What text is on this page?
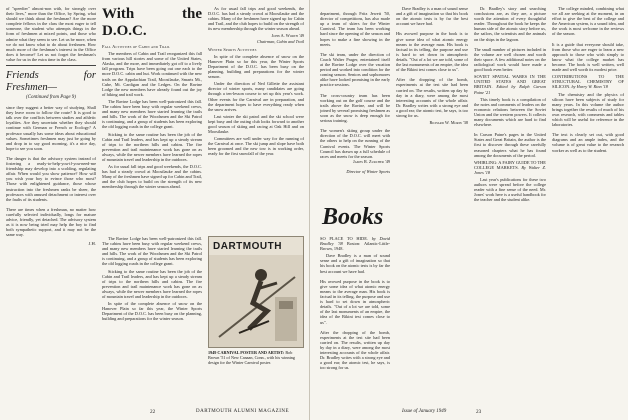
of "speedier" almost-non with, for strongly over their lives," more than the Office, by Spring, what should we think about the freshman? Are the more complete fellows in the class the most eager to tell someone, the student who attempts things in the form of freshmen at mixed points, and those who admire what they seem to see. Let us be more, when we do not know what to do about freshmen. How much more of the freshman's interest in the Office does it become? Let us not forget the freshman's value for us in the extra time in the class.

Friends for Freshmen—
(Continued from Page 9)

since they suggest a better way of studying. Shall they leave room to follow the route? It is good to talk over the conflicts between studies and athletic loyalties. Are they uncertain whether they should continue with German or French or Ecology? A professor usually has some ideas about educational values. Sometimes freshmen may just be going by and drop in to say good morning, it's a nice day, hope to see you soon.

The danger is that the advisory system instead of fostering a ready-to-help-you-if-you-need-me friendship may develop into a scolding, regulating affair. When would you show patience? How will you wish your boy to evince those who most? Those with enlightened guidance, those whose instruction into the freshmen ranks be sheer, the professors with amused detachment or interest over the faults of its students.

There are times when a freshman, no matter how carefully selected individually, longs for mature advice, friendly, yet detached. The advisory system as it is now being tried may help the boy to find both sympathetic support, and it may not be the same way.

J.H.
With the D.O.C.
Fall Activities of Cabin and Trail

The members of Cabin and Trail reorganized this fall from various hill stories and some of the United States, Alaska, and the more, and immediately got off to a lively fall program. Trips have been going out one each to the more D.O.C. cabin and hut. Work continued with the new trails on the Appalachian Trail, Moosilauke, Smarts Mt., Cube, Mt. Cardigan and the Ledges. On the Ravine Lodge the new members have already found out the joy of hiking and trail work.

The Ravine Lodge has been well-patronized this fall. The cabins have been busy with regular weekend crews, and many new members have started learning the trails and hills. The work of the Woodsmen and the Ski Patrol is continuing, and a group of students has been exploring the old logging roads in the college grant.

Sticking to the same routine has been the job of the Cabin and Trail leaders, and has kept up a steady stream of trips to the northern hills and cabins. The fire prevention and trail maintenance work has gone on as always, while the newer members have learned the ropes of mountain travel and leadership in the outdoors.

As for usual fall trips and good weekends, the D.O.C. has had a steady crowd at Moosilauke and the cabins. Many of the freshmen have signed up for Cabin and Trail, and the club hopes to build on the strength of its new membership through the winter season ahead.

As for usual fall trips and good weekends, the D.O.C. has had a steady crowd at Moosilauke and the cabins. Many of the freshmen have signed up for Cabin and Trail, and the club hopes to build on the strength of its new membership through the winter season ahead.

John A. Worth '49
Chairman, Cabin and Trail
Winter Sports Activities

In spite of the complete absence of snow on the Hanover Plain so far this year, the Winter Sports Department of the D.O.C. has been busy on the planning, building and preparations for the winter season.

Under the direction of Ned Gillette the assistant director of winter sports, many candidates are going through a ten-lesson course to set up this year's work. Other events for the Carnival are in preparation, and the department hopes to have everything ready when the snow arrives.

Last winter the ski patrol and the ski school were kept busy and the outing club looks forward to another good season of skiing and racing at Oak Hill and on Moosilauke.

Committees are well under way for the running of the Carnival at once. The ski jump and slope have both been groomed and the new tow is in working order, ready for the first snowfall of the year.

The Ravine Lodge has been well-patronized this fall. The cabins have been busy with regular weekend crews, and many new members have started learning the trails and hills. The work of the Woodsmen and the Ski Patrol is continuing, and a group of students has been exploring the old logging roads in the college grant.

Sticking to the same routine has been the job of the Cabin and Trail leaders, and has kept up a steady stream of trips to the northern hills and cabins. The fire prevention and trail maintenance work has gone on as always, while the newer members have learned the ropes of mountain travel and leadership in the outdoors.

In spite of the complete absence of snow on the Hanover Plain so far this year, the Winter Sports Department of the D.O.C. has been busy on the planning, building and preparations for the winter season.

DARTMOUTH
1949 CARNIVAL POSTER AND ARTIST: Bob Brown '51 of New Canaan, Conn., with his winning design for the Winter Carnival poster.
22	DARTMOUTH ALUMNI MAGAZINE

department, through Fritz Jewett '50, director of competitions, has also made up a team of skiers for the Winter Carnival. The team has been working hard since the opening of the season and hopes to make a fine showing in the meets.

The ski team, under the direction of Coach Walter Prager, entertained itself at the Ravine Lodge over the vacation period and worked into condition for the coming season. Seniors and sophomores alike have looked promising in the early practice sessions.

The cross-country team has been working out on the golf course and the trails above the Ravine, and will be joined by several promising freshmen as soon as the snow is deep enough for serious training.

The women's skiing group under the direction of the D.O.C. will meet with the others to help on the running of the Carnival events. The Winter Sports Council has drawn up a full schedule of races and meets for the season.

James R. Zurcher '49

Director of Winter Sports

Books

SO PLACE TO HIDE. by David Bradley '38 Boston: Atlantic-Little-Brown, 1948.

Dave Bradley is a man of sound sense and a gift of imagination so that his book on the atomic tests is by far the best account we have had.

His avowed purpose in the book is to give some idea of what atomic energy means to the average man. His book is factual in its telling, the purpose and use is hard to set down in atmospheric details. "Out of a lot we are told, some of the last monuments of an empire, the idea of the Bikini test comes close to us".

After the dropping of the bomb, experiments at the test site had been carried on. The results, written up day by day in a diary, were among the most interesting accounts of the whole affair. Dr. Bradley writes with a strong eye and a good ear; the atomic test, he says, is too strong for us.

Dave Bradley is a man of sound sense and a gift of imagination so that his book on the atomic tests is by far the best account we have had.

His avowed purpose in the book is to give some idea of what atomic energy means to the average man. His book is factual in its telling, the purpose and use is hard to set down in atmospheric details. "Out of a lot we are told, some of the last monuments of an empire, the idea of the Bikini test comes close to us".

After the dropping of the bomb, experiments at the test site had been carried on. The results, written up day by day in a diary, were among the most interesting accounts of the whole affair. Dr. Bradley writes with a strong eye and a good ear; the atomic test, he says, is too strong for us.

Richard W. Morin '38

Dr. Bradley's story and searching conclusions are, as they are, a picture worth the attention of every thoughtful reader. Throughout the book he keeps the human side of the atomic story before us, the sailors, the scientists and the animals on the ships in the lagoon.

The small number of pictures included in the volume are well chosen and worth their space. A few additional notes on the radiological work would have made a good book even better.

SOVIET SPATIAL WARES IN THE UNITED STATES AND GREAT BRITAIN. Edited by Ralph Carson Paine '21

This timely book is a compilation of the notes and comments of leaders on the economic relations between the Soviet Union and the western powers. It collects many documents which are hard to find elsewhere.

In Carson Paine's pages in the United States and Great Britain, the author is the first to discover through these carefully reasoned chapters what he has found among the documents of the period.

WHIRLING: A FAIRY GUIDE TO THE COLLEGE MARKETS. By Walter Z. Jones '18

Last year's publications for these two authors were spread before the college reader with a fine sense of the need. Mr. Jones' work here is a useful handbook for the teacher and the student alike.

The college minded, combining what we all are seeking at the moment, in an effort to give the best of the college and the American system, is a sound idea, and the work is most welcome in the reviews of the season.

It is a guide that everyone should take, from those who are eager to learn a new approach to those who wish simply to know what the college market has become. The book is well written, well made and well worth its modest price.

CONTRIBUTIONS TO THE STRUCTURAL CHEMISTRY OF SILICON. by Harry W. Rinn '18

The chemistry and the physics of silicon have been subjects of study for many years. In this volume the author brings together the results of much of his own research, with comments and tables which will be useful for reference in the laboratories.

The text is clearly set out, with good diagrams and an ample index, and the volume is of great value to the research worker as well as to the student.

Issue of January 1949	23
